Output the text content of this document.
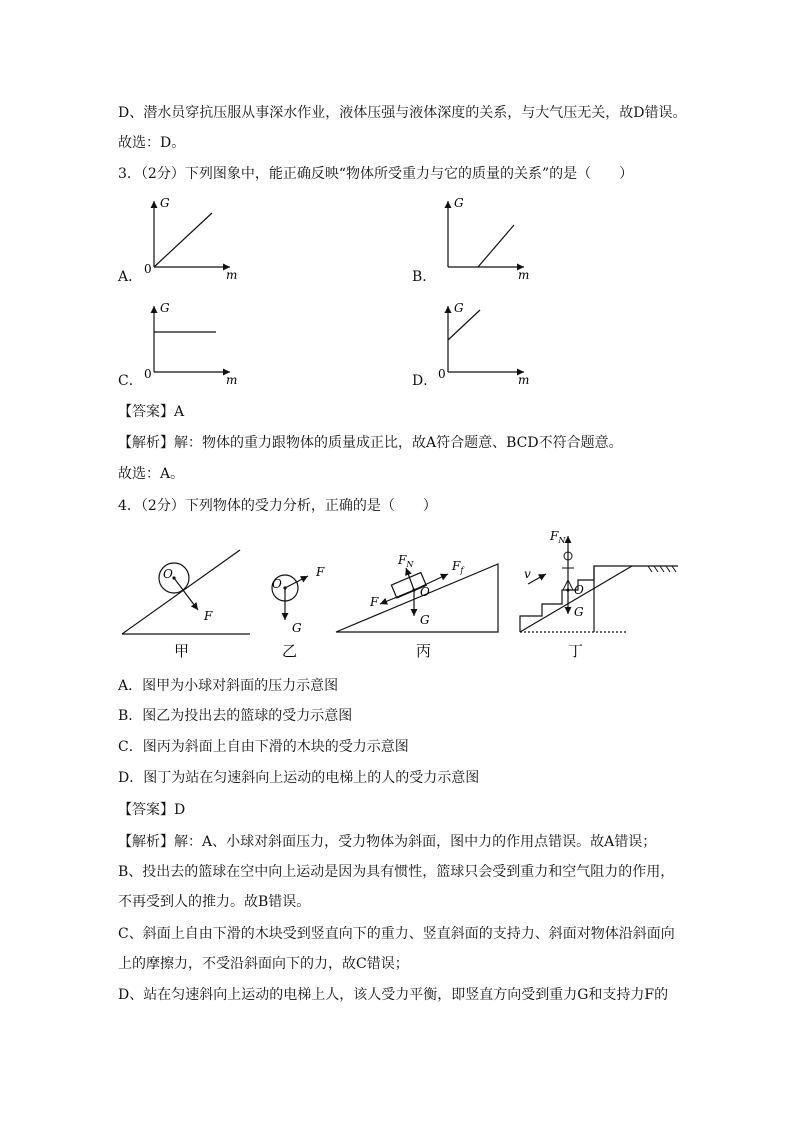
D、潜水员穿抗压服从事深水作业，液体压强与液体深度的关系，与大气压无关，故D错误。
故选：D。
3．（2分）下列图象中，能正确反映“物体所受重力与它的质量的关系”的是（　　）
A．
G
m
0	B．
G
m
C．
G
m
0	D．
G
m
0
【答案】A
【解析】解：物体的重力跟物体的质量成正比，故A符合题意、BCD不符合题意。
故选：A。
4．（2分）下列物体的受力分析，正确的是（　　）
O
F
甲
O
F
G
乙
$F_N$	$F_f$
F
O
G
丙
$F_N$
v
O
G
丁
A．图甲为小球对斜面的压力示意图
B．图乙为投出去的篮球的受力示意图
C．图丙为斜面上自由下滑的木块的受力示意图
D．图丁为站在匀速斜向上运动的电梯上的人的受力示意图
【答案】D
【解析】解：A、小球对斜面压力，受力物体为斜面，图中力的作用点错误。故A错误；
B、投出去的篮球在空中向上运动是因为具有惯性，篮球只会受到重力和空气阻力的作用，
不再受到人的推力。故B错误。
C、斜面上自由下滑的木块受到竖直向下的重力、竖直斜面的支持力、斜面对物体沿斜面向
上的摩擦力，不受沿斜面向下的力，故C错误；
D、站在匀速斜向上运动的电梯上人，该人受力平衡，即竖直方向受到重力G和支持力F的
